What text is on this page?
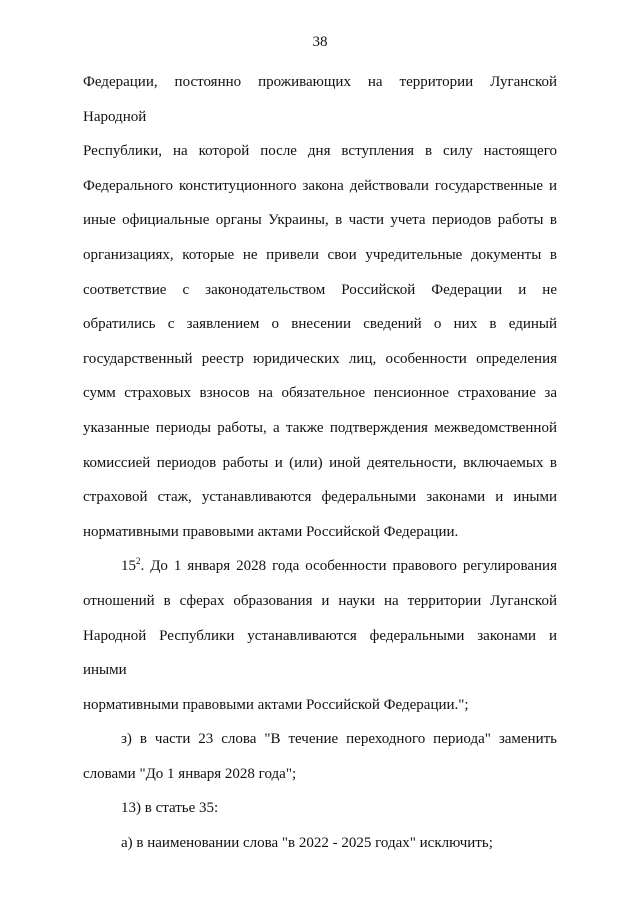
38
Федерации, постоянно проживающих на территории Луганской Народной
Республики, на которой после дня вступления в силу настоящего
Федерального конституционного закона действовали государственные и
иные официальные органы Украины, в части учета периодов работы в
организациях, которые не привели свои учредительные документы в
соответствие с законодательством Российской Федерации и не
обратились с заявлением о внесении сведений о них в единый
государственный реестр юридических лиц, особенности определения
сумм страховых взносов на обязательное пенсионное страхование за
указанные периоды работы, а также подтверждения межведомственной
комиссией периодов работы и (или) иной деятельности, включаемых в
страховой стаж, устанавливаются федеральными законами и иными
нормативными правовыми актами Российской Федерации.
$15^2$. До 1 января 2028 года особенности правового регулирования
отношений в сферах образования и науки на территории Луганской
Народной Республики устанавливаются федеральными законами и иными
нормативными правовыми актами Российской Федерации.";
з) в части 23 слова "В течение переходного периода" заменить
словами "До 1 января 2028 года";
13) в статье 35:
а) в наименовании слова "в 2022 - 2025 годах" исключить;
